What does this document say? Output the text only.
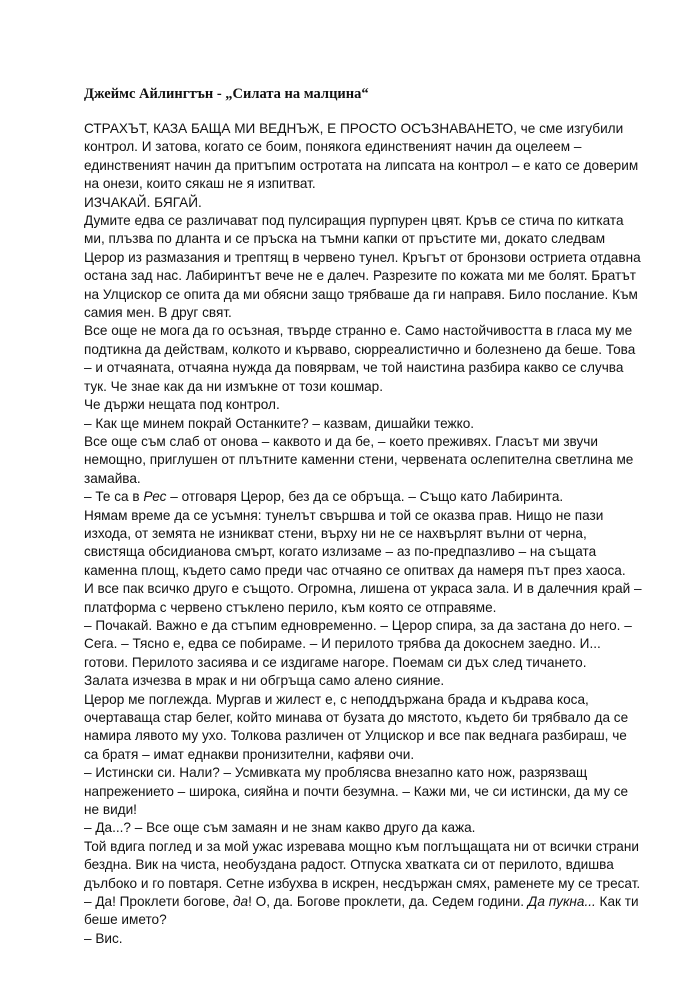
Джеймс Айлингтън - „Силата на малцина“

СТРАХЪТ, КАЗА БАЩА МИ ВЕДНЪЖ, Е ПРОСТО ОСЪЗНАВАНЕТО, че сме изгубили контрол. И затова, когато се боим, понякога единственият начин да оцелеем – единственият начин да притъпим остротата на липсата на контрол – е като се доверим на онези, които сякаш не я изпитват.

ИЗЧАКАЙ. БЯГАЙ.

Думите едва се различават под пулсиращия пурпурен цвят. Кръв се стича по китката ми, плъзва по дланта и се пръска на тъмни капки от пръстите ми, докато следвам Церор из размазания и трептящ в червено тунел. Кръгът от бронзови остриета отдавна остана зад нас. Лабиринтът вече не е далеч. Разрезите по кожата ми ме болят. Братът на Улцискор се опита да ми обясни защо трябваше да ги направя. Било послание. Към самия мен. В друг свят.

Все още не мога да го осъзная, твърде странно е. Само настойчивостта в гласа му ме подтикна да действам, колкото и кърваво, сюрреалистично и болезнено да беше. Това – и отчаяната, отчаяна нужда да повярвам, че той наистина разбира какво се случва тук. Че знае как да ни измъкне от този кошмар.

Че държи нещата под контрол.

– Как ще минем покрай Останките? – казвам, дишайки тежко.

Все още съм слаб от онова – каквото и да бе, – което преживях. Гласът ми звучи немощно, приглушен от плътните каменни стени, червената ослепителна светлина ме замайва.

– Те са в Рес – отговаря Церор, без да се обръща. – Също като Лабиринта.

Нямам време да се усъмня: тунелът свършва и той се оказва прав. Нищо не пази изхода, от земята не изникват стени, върху ни не се нахвърлят вълни от черна, свистяща обсидианова смърт, когато излизаме – аз по-предпазливо – на същата каменна площ, където само преди час отчаяно се опитвах да намеря път през хаоса.

И все пак всичко друго е същото. Огромна, лишена от украса зала. И в далечния край – платформа с червено стъклено перило, към която се отправяме.

– Почакай. Важно е да стъпим едновременно. – Церор спира, за да застана до него. – Сега. – Тясно е, едва се побираме. – И перилото трябва да докоснем заедно. И... готови. Перилото засиява и се издигаме нагоре. Поемам си дъх след тичането.

Залата изчезва в мрак и ни обгръща само алено сияние.

Церор ме поглежда. Мургав и жилест е, с неподдържана брада и къдрава коса, очертаваща стар белег, който минава от бузата до мястото, където би трябвало да се намира лявото му ухо. Толкова различен от Улцискор и все пак веднага разбираш, че са братя – имат еднакви пронизителни, кафяви очи.

– Истински си. Нали? – Усмивката му проблясва внезапно като нож, разрязващ напрежението – широка, сияйна и почти безумна. – Кажи ми, че си истински, да му се не види!

– Да...? – Все още съм замаян и не знам какво друго да кажа.

Той вдига поглед и за мой ужас изревава мощно към поглъщащата ни от всички страни бездна. Вик на чиста, необуздана радост. Отпуска хватката си от перилото, вдишва дълбоко и го повтаря. Сетне избухва в искрен, несдържан смях, раменете му се тресат. – Да! Проклети богове, да! О, да. Богове проклети, да. Седем години. Да пукна... Как ти беше името?

– Вис.
